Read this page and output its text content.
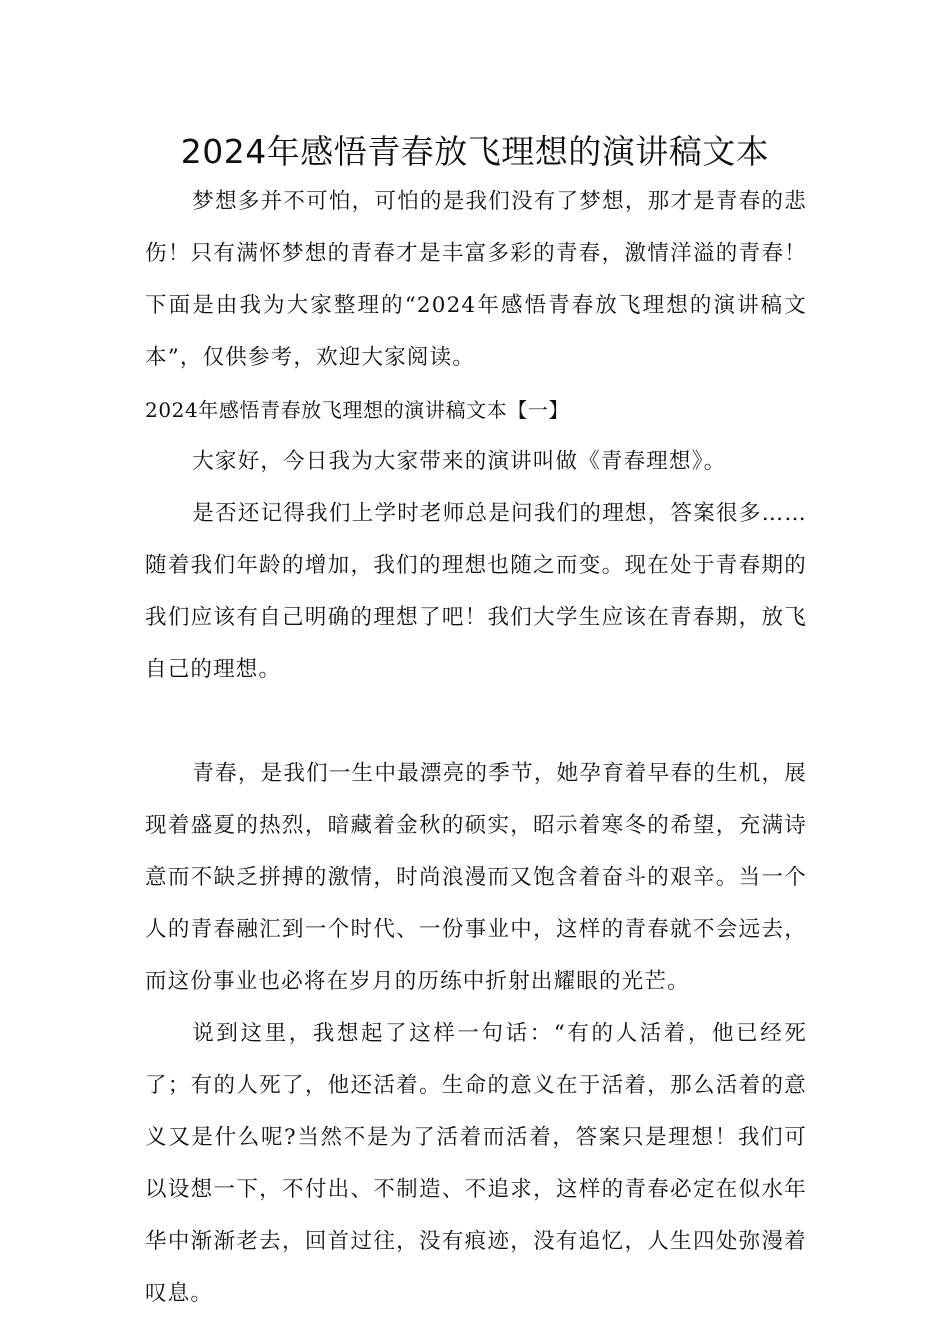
2024年感悟青春放飞理想的演讲稿文本

梦想多并不可怕，可怕的是我们没有了梦想，那才是青春的悲伤！只有满怀梦想的青春才是丰富多彩的青春，激情洋溢的青春！下面是由我为大家整理的“2024年感悟青春放飞理想的演讲稿文本”，仅供参考，欢迎大家阅读。

2024年感悟青春放飞理想的演讲稿文本【一】

大家好，今日我为大家带来的演讲叫做《青春理想》。

是否还记得我们上学时老师总是问我们的理想，答案很多……随着我们年龄的增加，我们的理想也随之而变。现在处于青春期的我们应该有自己明确的理想了吧！我们大学生应该在青春期，放飞自己的理想。

青春，是我们一生中最漂亮的季节，她孕育着早春的生机，展现着盛夏的热烈，暗藏着金秋的硕实，昭示着寒冬的希望，充满诗意而不缺乏拼搏的激情，时尚浪漫而又饱含着奋斗的艰辛。当一个人的青春融汇到一个时代、一份事业中，这样的青春就不会远去，而这份事业也必将在岁月的历练中折射出耀眼的光芒。

说到这里，我想起了这样一句话：“有的人活着，他已经死了；有的人死了，他还活着。生命的意义在于活着，那么活着的意义又是什么呢?当然不是为了活着而活着，答案只是理想！我们可以设想一下，不付出、不制造、不追求，这样的青春必定在似水年华中渐渐老去，回首过往，没有痕迹，没有追忆，人生四处弥漫着叹息。
